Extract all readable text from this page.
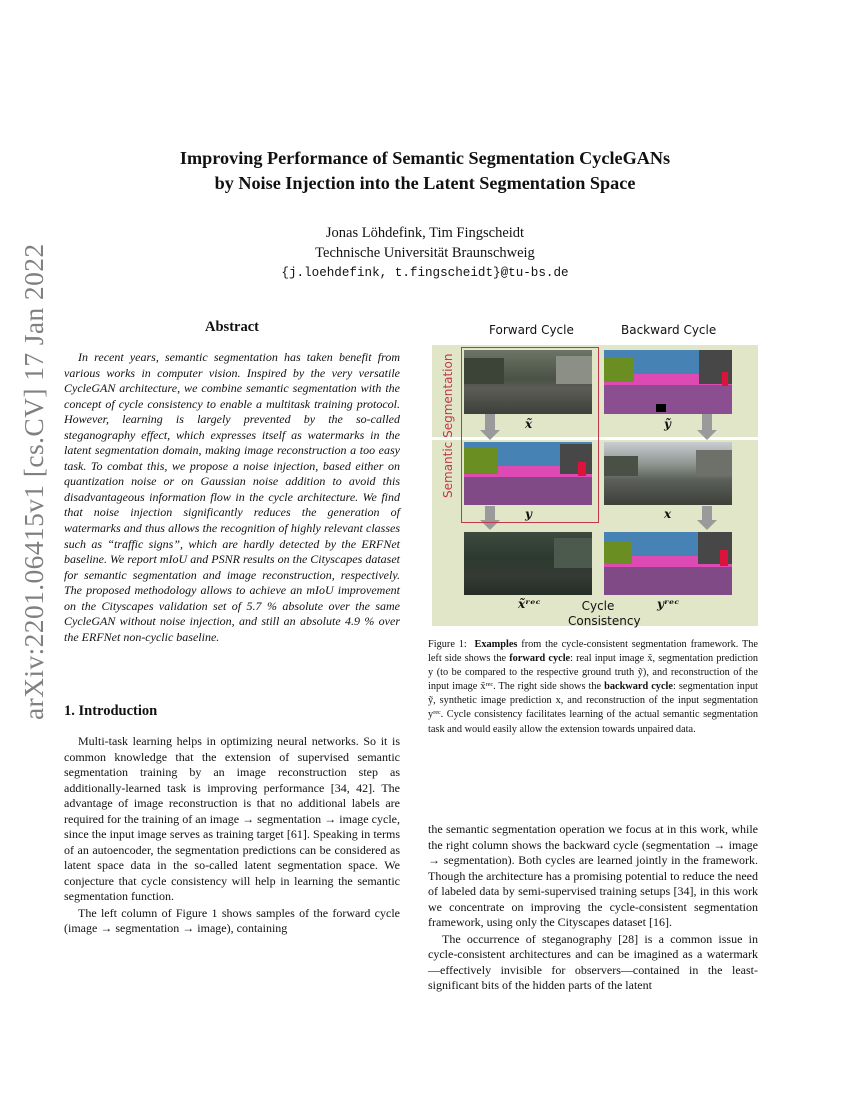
arXiv:2201.06415v1 [cs.CV] 17 Jan 2022
Improving Performance of Semantic Segmentation CycleGANs
by Noise Injection into the Latent Segmentation Space
Jonas Löhdefink, Tim Fingscheidt
Technische Universität Braunschweig
{j.loehdefink, t.fingscheidt}@tu-bs.de
Abstract
In recent years, semantic segmentation has taken benefit from various works in computer vision. Inspired by the very versatile CycleGAN architecture, we combine semantic segmentation with the concept of cycle consistency to enable a multitask training protocol. However, learning is largely prevented by the so-called steganography effect, which expresses itself as watermarks in the latent segmentation domain, making image reconstruction a too easy task. To combat this, we propose a noise injection, based either on quantization noise or on Gaussian noise addition to avoid this disadvantageous information flow in the cycle architecture. We find that noise injection significantly reduces the generation of watermarks and thus allows the recognition of highly relevant classes such as “traffic signs”, which are hardly detected by the ERFNet baseline. We report mIoU and PSNR results on the Cityscapes dataset for semantic segmentation and image reconstruction, respectively. The proposed methodology allows to achieve an mIoU improvement on the Cityscapes validation set of 5.7 % absolute over the same CycleGAN without noise injection, and still an absolute 4.9 % over the ERFNet non-cyclic baseline.
1. Introduction

Multi-task learning helps in optimizing neural networks. So it is common knowledge that the extension of supervised semantic segmentation training by an image reconstruction step as additionally-learned task is improving performance [34, 42]. The advantage of image reconstruction is that no additional labels are required for the training of an image → segmentation → image cycle, since the input image serves as training target [61]. Speaking in terms of an autoencoder, the segmentation predictions can be considered as latent space data in the so-called latent segmentation space. We conjecture that cycle consistency will help in learning the semantic segmentation function.

The left column of Figure 1 shows samples of the forward cycle (image → segmentation → image), containing

Forward Cycle	Backward Cycle
x̃	ỹ
y	x
x̃ʳᵉᶜ	yʳᵉᶜ
Cycle
Consistency
Semantic Segmentation
Figure 1: Examples from the cycle-consistent segmentation framework. The left side shows the forward cycle: real input image x̃, segmentation prediction y (to be compared to the respective ground truth ỹ), and reconstruction of the input image x̃ʳᵉᶜ. The right side shows the backward cycle: segmentation input ỹ, synthetic image prediction x, and reconstruction of the input segmentation yʳᵉᶜ. Cycle consistency facilitates learning of the actual semantic segmentation task and would easily allow the extension towards unpaired data.

the semantic segmentation operation we focus at in this work, while the right column shows the backward cycle (segmentation → image → segmentation). Both cycles are learned jointly in the framework. Though the architecture has a promising potential to reduce the need of labeled data by semi-supervised training setups [34], in this work we concentrate on improving the cycle-consistent segmentation framework, using only the Cityscapes dataset [16].

The occurrence of steganography [28] is a common issue in cycle-consistent architectures and can be imagined as a watermark—effectively invisible for observers—contained in the least-significant bits of the hidden parts of the latent
